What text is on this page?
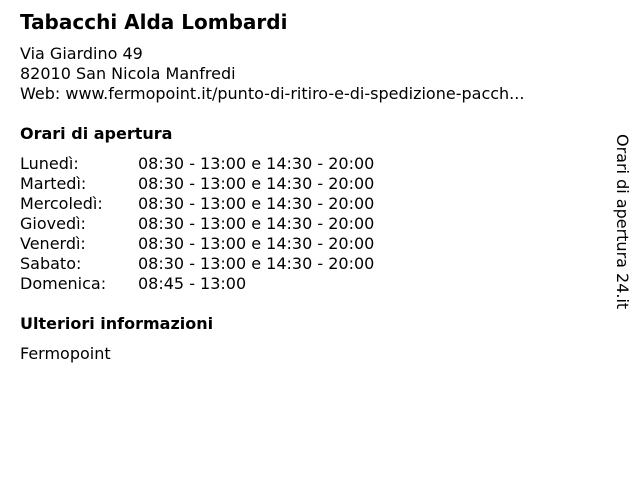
Tabacchi Alda Lombardi
Via Giardino 49
82010 San Nicola Manfredi
Web: www.fermopoint.it/punto-di-ritiro-e-di-spedizione-pacch...
Orari di apertura
Lunedì:	08:30 - 13:00 e 14:30 - 20:00
Martedì:	08:30 - 13:00 e 14:30 - 20:00
Mercoledì: 08:30 - 13:00 e 14:30 - 20:00
Giovedì:	08:30 - 13:00 e 14:30 - 20:00
Venerdì:	08:30 - 13:00 e 14:30 - 20:00
Sabato:	08:30 - 13:00 e 14:30 - 20:00
Domenica: 08:45 - 13:00
Ulteriori informazioni
Fermopoint
Orari di apertura 24.it
